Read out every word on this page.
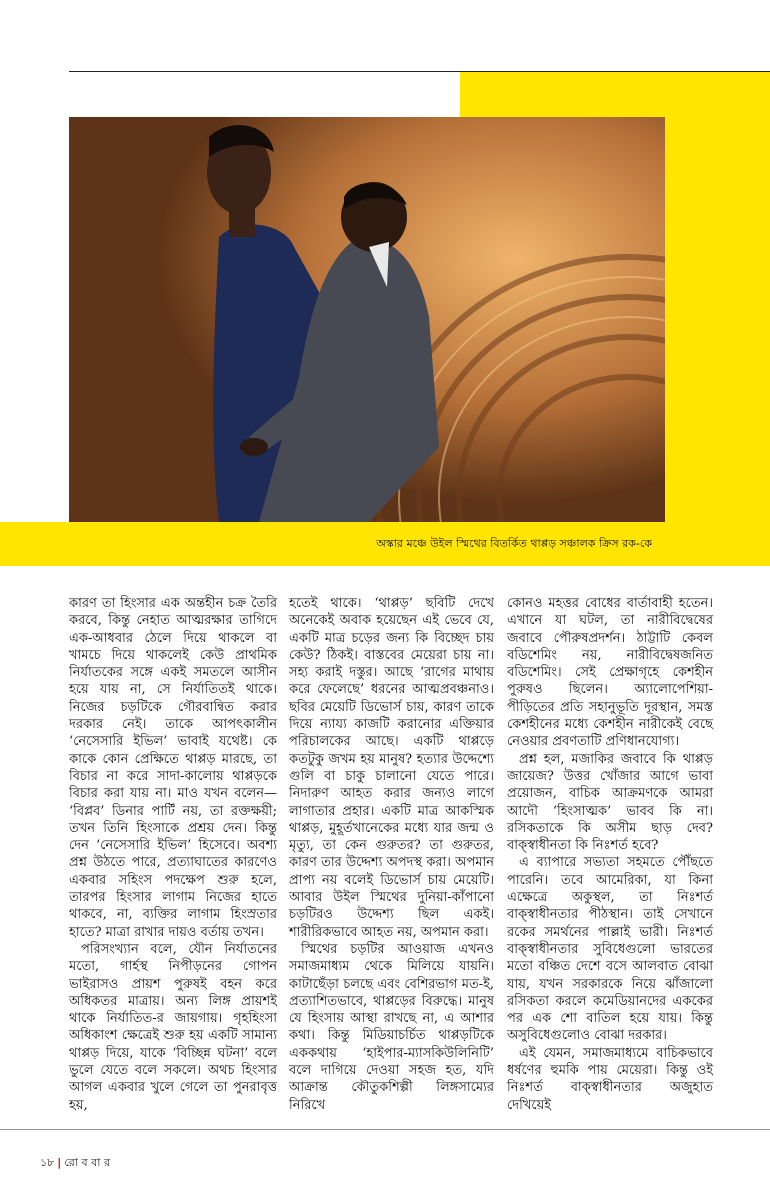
অস্কার মঞ্চে উইল স্মিথের বিতর্কিত থাপ্পড় সঞ্চালক ক্রিস রক-কে

কারণ তা হিংসার এক অন্তহীন চক্র তৈরি করবে, কিন্তু নেহাত আত্মরক্ষার তাগিদে এক-আধবার ঠেলে দিয়ে থাকলে বা খামচে দিয়ে থাকলেই কেউ প্রাথমিক নির্যাতকের সঙ্গে একই সমতলে আসীন হয়ে যায় না, সে নির্যাতিতই থাকে। নিজের চড়টিকে গৌরবান্বিত করার দরকার নেই। তাকে আপৎকালীন ‘নেসেসারি ইভিল’ ভাবাই যথেষ্ট। কে কাকে কোন প্রেক্ষিতে থাপ্পড় মারছে, তা বিচার না করে সাদা-কালোয় থাপ্পড়কে বিচার করা যায় না। মাও যখন বলেন— ‘বিপ্লব’ ডিনার পার্টি নয়, তা রক্তক্ষয়ী; তখন তিনি হিংসাকে প্রশ্রয় দেন। কিন্তু দেন ‘নেসেসারি ইভিল’ হিসেবে। অবশ্য প্রশ্ন উঠতে পারে, প্রত্যাঘাতের কারণেও একবার সহিংস পদক্ষেপ শুরু হলে, তারপর হিংসার লাগাম নিজের হাতে থাকবে, না, ব্যক্তির লাগাম হিংস্রতার হাতে? মাত্রা রাখার দায়ও বর্তায় তখন।

পরিসংখ্যান বলে, যৌন নির্যাতনের মতো, গার্হস্থ নিপীড়নের গোপন ভাইরাসও প্রায়শ পুরুষই বহন করে অধিকতর মাত্রায়। অন্য লিঙ্গ প্রায়শই থাকে নির্যাতিত-র জায়গায়। গৃহহিংসা অধিকাংশ ক্ষেত্রেই শুরু হয় একটি সামান্য থাপ্পড় দিয়ে, যাকে ‘বিচ্ছিন্ন ঘটনা’ বলে ভুলে যেতে বলে সকলে। অথচ হিংসার আগল একবার খুলে গেলে তা পুনরাবৃত্ত হয়,

হতেই থাকে। ‘থাপ্পড়’ ছবিটি দেখে অনেকেই অবাক হয়েছেন এই ভেবে যে, একটি মাত্র চড়ের জন্য কি বিচ্ছেদ চায় কেউ? ঠিকই। বাস্তবের মেয়েরা চায় না। সহ্য করাই দস্তুর। আছে ‘রাগের মাথায় করে ফেলেছে’ ধরনের আত্মপ্রবঞ্চনাও। ছবির মেয়েটি ডিভোর্স চায়, কারণ তাকে দিয়ে ন্যায্য কাজটি করানোর এক্তিয়ার পরিচালকের আছে। একটি থাপ্পড়ে কতটুকু জখম হয় মানুষ? হত্যার উদ্দেশ্যে গুলি বা চাকু চালানো যেতে পারে। নিদারুণ আহত করার জন্যও লাগে লাগাতার প্রহার। একটি মাত্র আকস্মিক থাপ্পড়, মুহূর্তখানেকের মধ্যে যার জন্ম ও মৃত্যু, তা কেন গুরুতর? তা গুরুতর, কারণ তার উদ্দেশ্য অপদস্থ করা। অপমান প্রাপ্য নয় বলেই ডিভোর্স চায় মেয়েটি। আবার উইল স্মিথের দুনিয়া-কাঁপানো চড়টিরও উদ্দেশ্য ছিল একই। শারীরিকভাবে আহত নয়, অপমান করা।

স্মিথের চড়টির আওয়াজ এখনও সমাজমাধ্যম থেকে মিলিয়ে যায়নি। কাটাছেঁড়া চলছে এবং বেশিরভাগ মত-ই, প্রত্যাশিতভাবে, থাপ্পড়ের বিরুদ্ধে। মানুষ যে হিংসায় আস্থা রাখছে না, এ আশার কথা। কিন্তু মিডিয়াচর্চিত থাপ্পড়টিকে এককথায় ‘হাইপার-ম্যাসকিউলিনিটি’ বলে দাগিয়ে দেওয়া সহজ হত, যদি আক্রান্ত কৌতুকশিল্পী লিঙ্গসাম্যের নিরিখে

কোনও মহত্তর বোধের বার্তাবাহী হতেন। এখানে যা ঘটল, তা নারীবিদ্বেষের জবাবে পৌরুষপ্রদর্শন। ঠাট্টাটি কেবল বডিশেমিং নয়, নারীবিদ্বেষজনিত বডিশেমিং। সেই প্রেক্ষাগৃহে কেশহীন পুরুষও ছিলেন। অ্যালোপেশিয়া-পীড়িতের প্রতি সহানুভূতি দূরস্থান, সমস্ত কেশহীনের মধ্যে কেশহীন নারীকেই বেছে নেওয়ার প্রবণতাটি প্রণিধানযোগ্য।

প্রশ্ন হল, মজাকির জবাবে কি থাপ্পড় জায়েজ? উত্তর খোঁজার আগে ভাবা প্রয়োজন, বাচিক আক্রমণকে আমরা আদৌ ‘হিংসাত্মক’ ভাবব কি না। রসিকতাকে কি অসীম ছাড় দেব? বাক্স্বাধীনতা কি নিঃশর্ত হবে?

এ ব্যাপারে সভ্যতা সহমতে পৌঁছতে পারেনি। তবে আমেরিকা, যা কিনা এক্ষেত্রে অকুস্থল, তা নিঃশর্ত বাক্স্বাধীনতার পীঠস্থান। তাই সেখানে রকের সমর্থনের পাল্লাই ভারী। নিঃশর্ত বাক্স্বাধীনতার সুবিধেগুলো ভারতের মতো বঞ্চিত দেশে বসে আলবাত বোঝা যায়, যখন সরকারকে নিয়ে ঝাঁজালো রসিকতা করলে কমেডিয়ানদের এককের পর এক শো বাতিল হয়ে যায়। কিন্তু অসুবিধেগুলোও বোঝা দরকার।

এই যেমন, সমাজমাধ্যমে বাচিকভাবে ধর্ষণের হুমকি পায় মেয়েরা। কিন্তু ওই নিঃশর্ত বাক্স্বাধীনতার অজুহাত দেখিয়েই

১৮ | রো ব বা র
